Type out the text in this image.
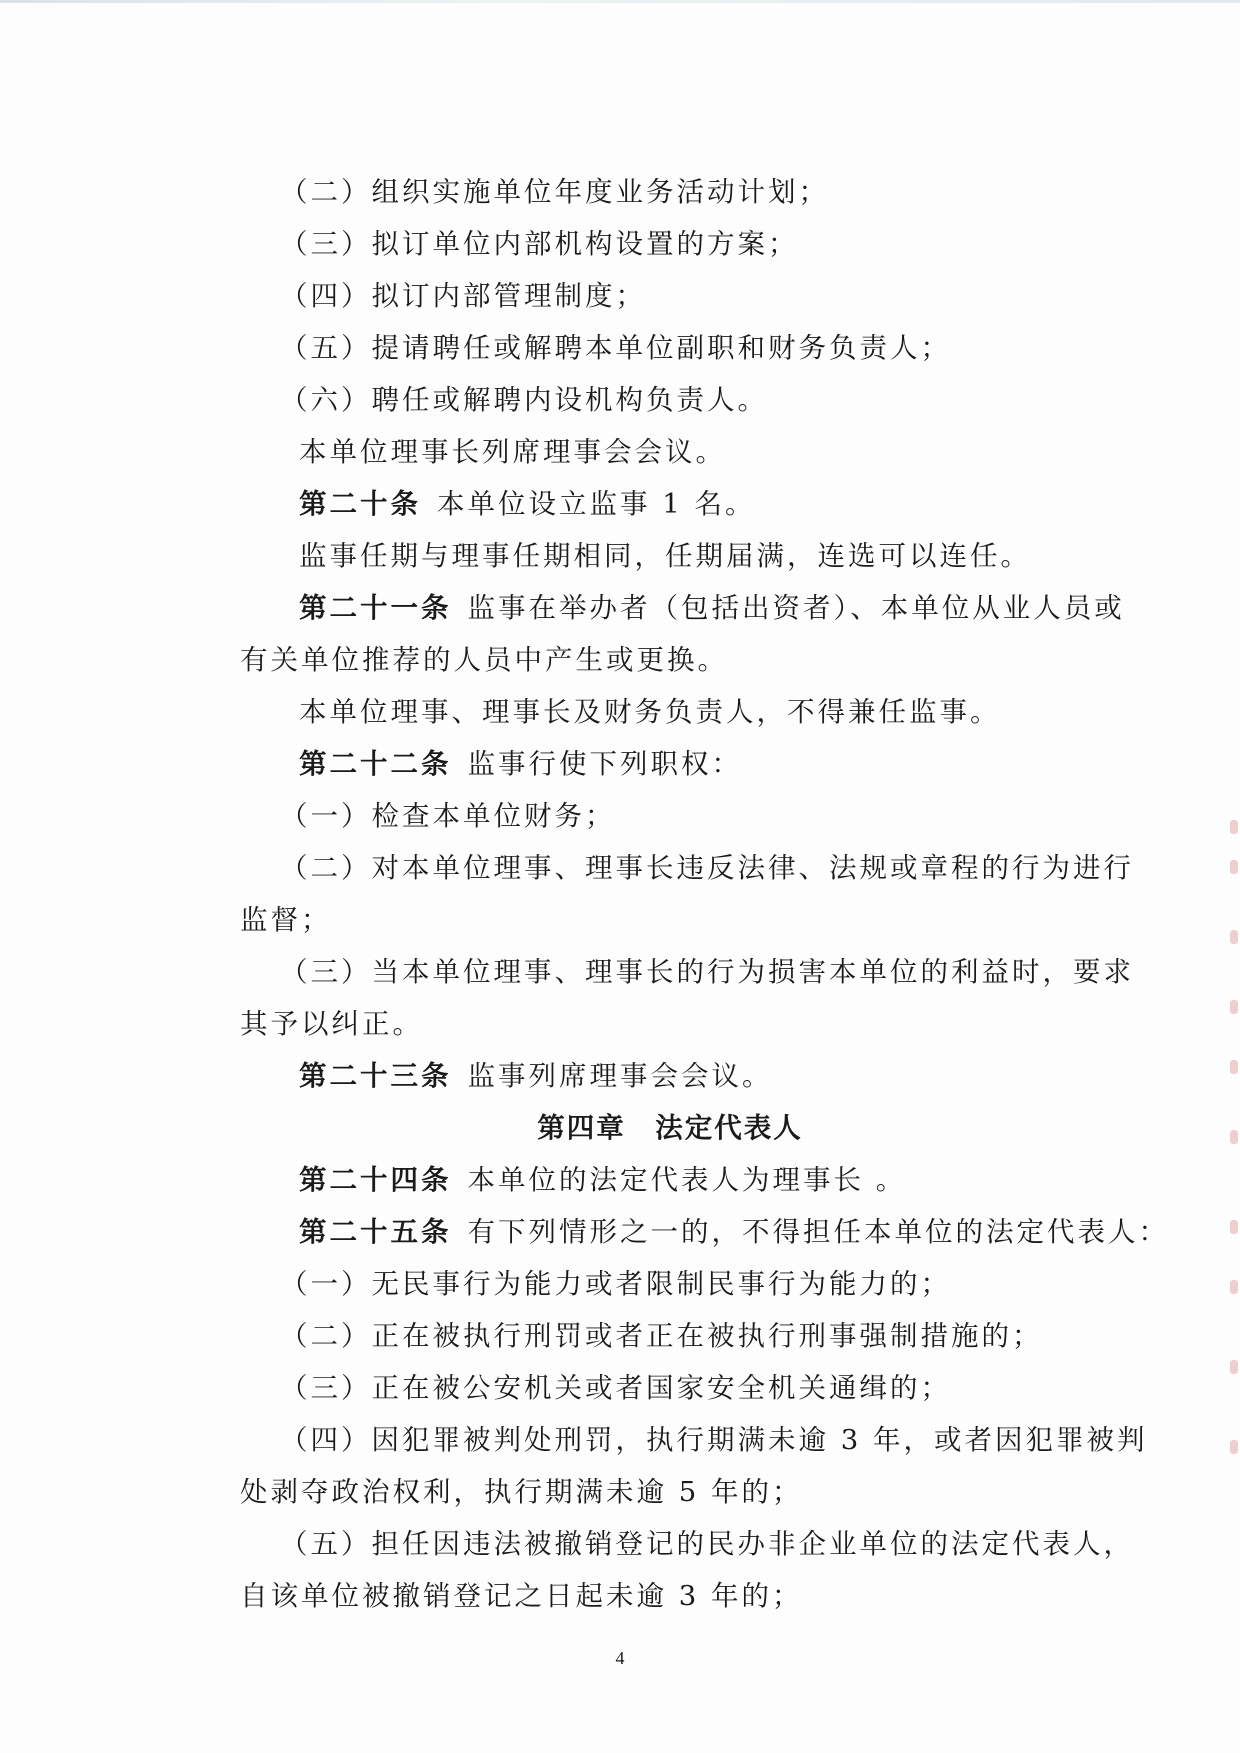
（二）组织实施单位年度业务活动计划；
（三）拟订单位内部机构设置的方案；
（四）拟订内部管理制度；
（五）提请聘任或解聘本单位副职和财务负责人；
（六）聘任或解聘内设机构负责人。
本单位理事长列席理事会会议。
第二十条 本单位设立监事 1 名。
监事任期与理事任期相同，任期届满，连选可以连任。
第二十一条 监事在举办者（包括出资者）、本单位从业人员或
有关单位推荐的人员中产生或更换。
本单位理事、理事长及财务负责人，不得兼任监事。
第二十二条 监事行使下列职权：
（一）检查本单位财务；
（二）对本单位理事、理事长违反法律、法规或章程的行为进行
监督；
（三）当本单位理事、理事长的行为损害本单位的利益时，要求
其予以纠正。
第二十三条 监事列席理事会会议。
第四章　法定代表人
第二十四条 本单位的法定代表人为理事长 。
第二十五条 有下列情形之一的，不得担任本单位的法定代表人：
（一）无民事行为能力或者限制民事行为能力的；
（二）正在被执行刑罚或者正在被执行刑事强制措施的；
（三）正在被公安机关或者国家安全机关通缉的；
（四）因犯罪被判处刑罚，执行期满未逾 3 年，或者因犯罪被判
处剥夺政治权利，执行期满未逾 5 年的；
（五）担任因违法被撤销登记的民办非企业单位的法定代表人，
自该单位被撤销登记之日起未逾 3 年的；
4
